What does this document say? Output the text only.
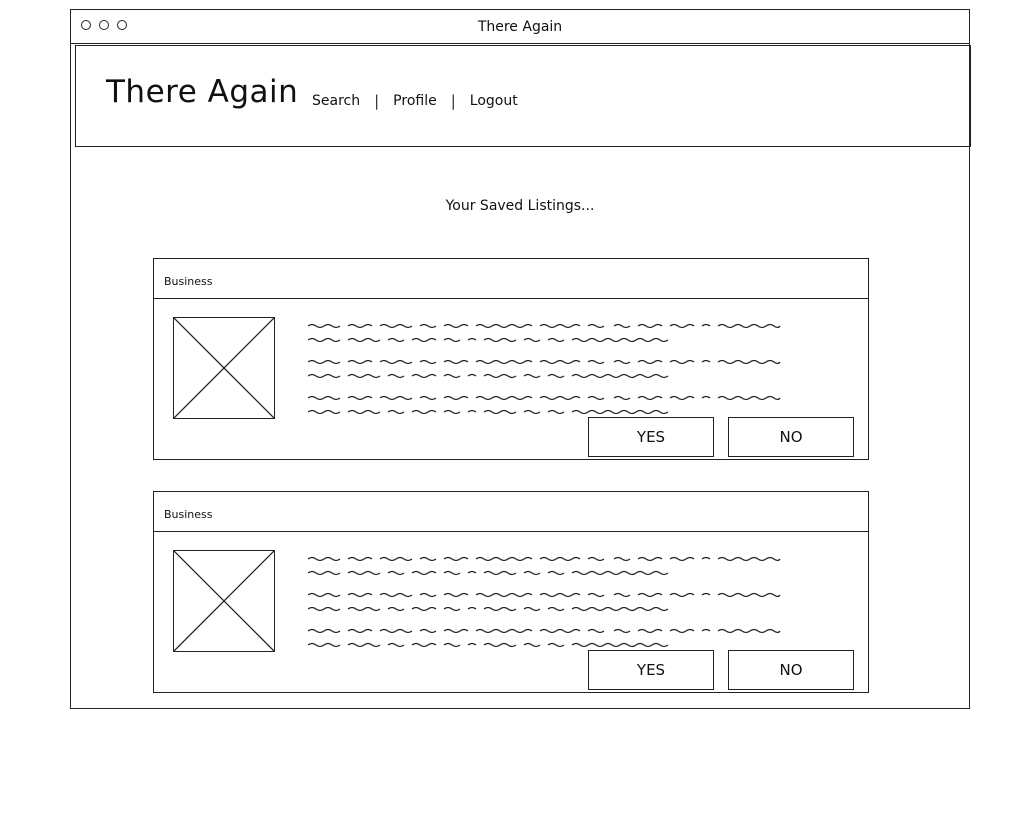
There Again
There Again Search | Profile | Logout
Your Saved Listings...
Business
YES	NO
Business
YES	NO
